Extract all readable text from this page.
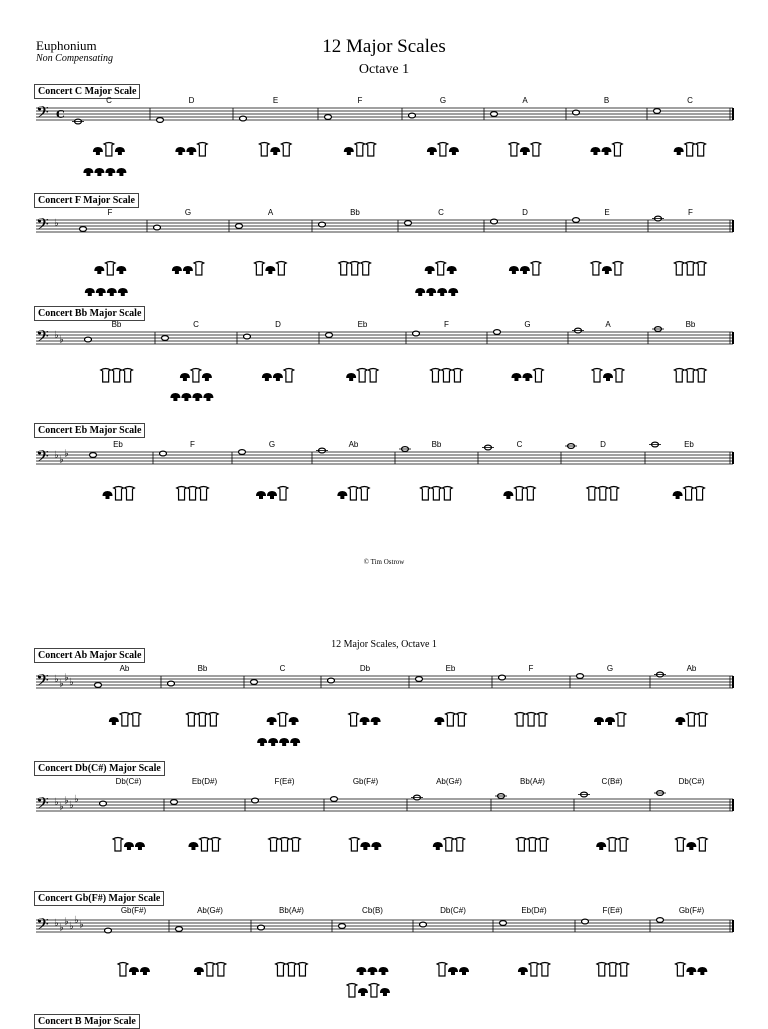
Euphonium
Non Compensating
12 Major Scales
Octave 1
© Tim Ostrow
12 Major Scales, Octave 1
Concert C Major Scale
𝄢 C
C	D	E	F	G	A	B	C
Concert F Major Scale
𝄢 ♭
F	G	A	Bb	C	D	E	F
Concert Bb Major Scale
𝄢 ♭ ♭
Bb	C	D	Eb	F	G	A	Bb
Concert Eb Major Scale
𝄢 ♭ ♭
♭
Eb	F	G	Ab	Bb	C	D	Eb
Concert Ab Major Scale
𝄢 ♭ ♭
♭ ♭
Ab	Bb	C	Db	Eb	F	G	Ab
Concert Db(C#) Major Scale
𝄢 ♭ ♭
♭ ♭
♭
Db(C#)	Eb(D#)	F(E#)	Gb(F#)	Ab(G#)	Bb(A#)	C(B#)	Db(C#)
Concert Gb(F#) Major Scale
𝄢 ♭ ♭
♭ ♭
♭ ♭
Gb(F#)	Ab(G#)	Bb(A#)	Cb(B)	Db(C#)	Eb(D#)	F(E#)	Gb(F#)
Concert B Major Scale
